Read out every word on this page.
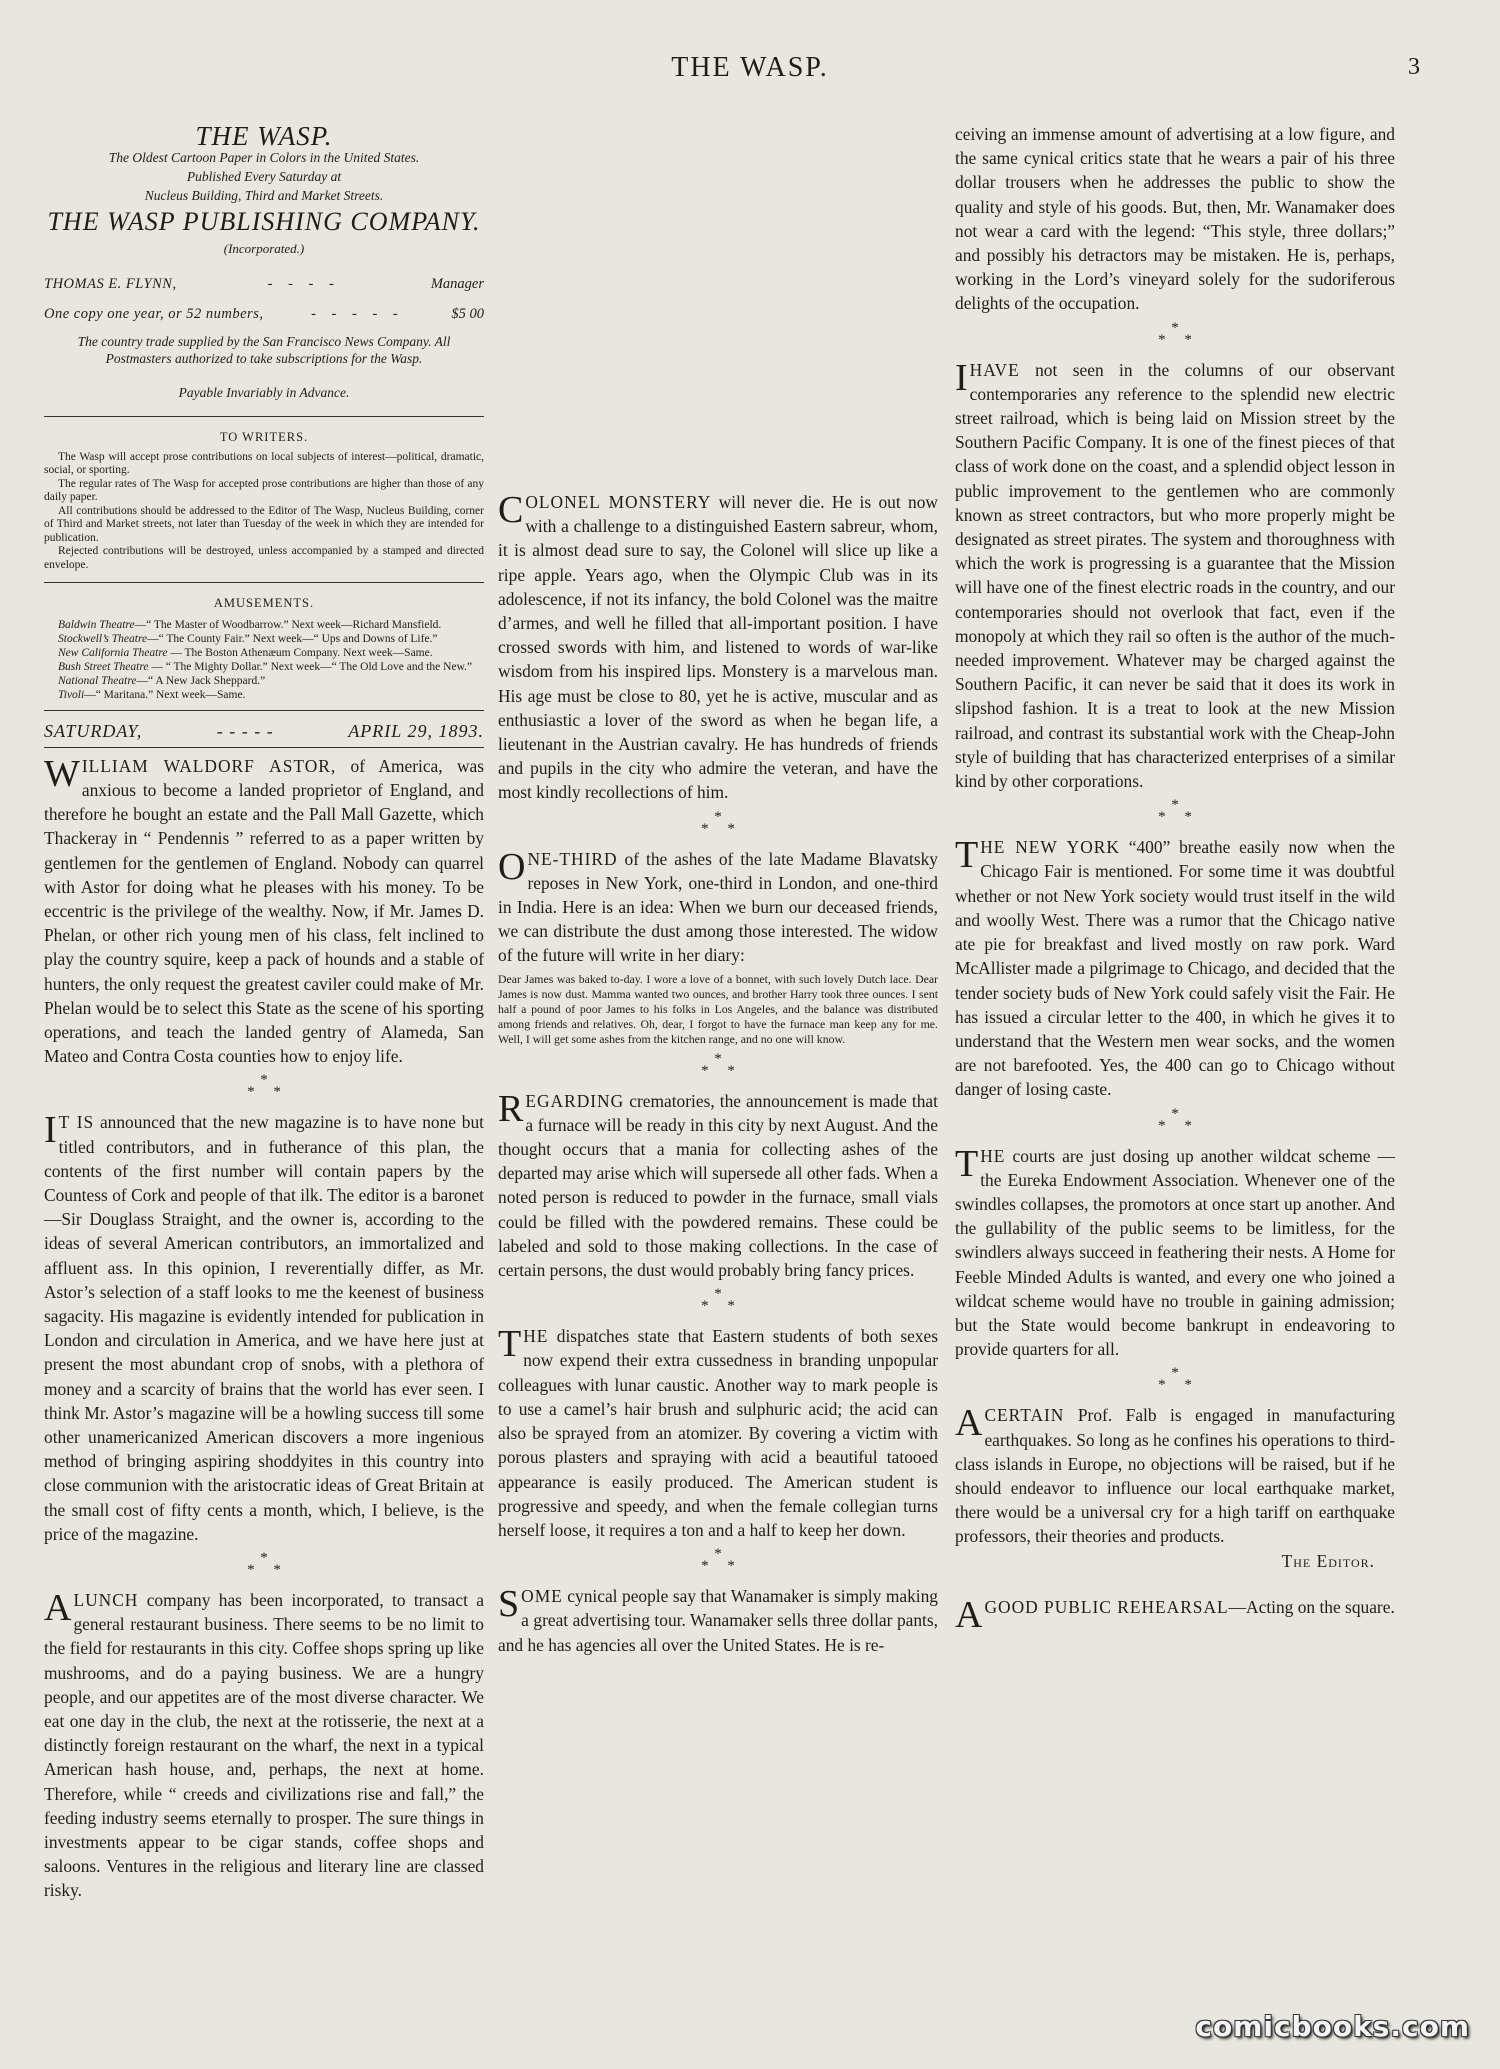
THE WASP.	3
THE WASP.
The Oldest Cartoon Paper in Colors in the United States.
Published Every Saturday at
Nucleus Building, Third and Market Streets.
THE WASP PUBLISHING COMPANY.
(Incorporated.)
THOMAS E. FLYNN,	- - - -	Manager
One copy one year, or 52 numbers,	- - - - -	$5 00
The country trade supplied by the San Francisco News Company. All Postmasters authorized to take subscriptions for the Wasp.
Payable Invariably in Advance.
TO WRITERS.

The Wasp will accept prose contributions on local subjects of interest—political, dramatic, social, or sporting.

The regular rates of The Wasp for accepted prose contributions are higher than those of any daily paper.

All contributions should be addressed to the Editor of The Wasp, Nucleus Building, corner of Third and Market streets, not later than Tuesday of the week in which they are intended for publication.

Rejected contributions will be destroyed, unless accompanied by a stamped and directed envelope.

AMUSEMENTS.

Baldwin Theatre—“ The Master of Woodbarrow.” Next week—Richard Mansfield.

Stockwell’s Theatre—“ The County Fair.” Next week—“ Ups and Downs of Life.”

New California Theatre — The Boston Athenæum Company. Next week—Same.

Bush Street Theatre — “ The Mighty Dollar.” Next week—“ The Old Love and the New.”

National Theatre—“ A New Jack Sheppard.”

Tivoli—“ Maritana.” Next week—Same.

SATURDAY,	- - - - -	APRIL 29, 1893.
WILLIAM WALDORF ASTOR, of America, was anxious to become a landed proprietor of England, and therefore he bought an estate and the Pall Mall Gazette, which Thackeray in “ Pendennis ” referred to as a paper written by gentlemen for the gentlemen of England. Nobody can quarrel with Astor for doing what he pleases with his money. To be eccentric is the privilege of the wealthy. Now, if Mr. James D. Phelan, or other rich young men of his class, felt inclined to play the country squire, keep a pack of hounds and a stable of hunters, the only request the greatest caviler could make of Mr. Phelan would be to select this State as the scene of his sporting operations, and teach the landed gentry of Alameda, San Mateo and Contra Costa counties how to enjoy life.
*
* *
I T IS announced that the new magazine is to have none but titled contributors, and in futherance of this plan, the contents of the first number will contain papers by the Countess of Cork and people of that ilk. The editor is a baronet—Sir Douglass Straight, and the owner is, according to the ideas of several American contributors, an immortalized and affluent ass. In this opinion, I reverentially differ, as Mr. Astor’s selection of a staff looks to me the keenest of business sagacity. His magazine is evidently intended for publication in London and circulation in America, and we have here just at present the most abundant crop of snobs, with a plethora of money and a scarcity of brains that the world has ever seen. I think Mr. Astor’s magazine will be a howling success till some other unamericanized American discovers a more ingenious method of bringing aspiring shoddyites in this country into close communion with the aristocratic ideas of Great Britain at the small cost of fifty cents a month, which, I believe, is the price of the magazine.
*
* *
A LUNCH company has been incorporated, to transact a general restaurant business. There seems to be no limit to the field for restaurants in this city. Coffee shops spring up like mushrooms, and do a paying business. We are a hungry people, and our appetites are of the most diverse character. We eat one day in the club, the next at the rotisserie, the next at a distinctly foreign restaurant on the wharf, the next in a typical American hash house, and, perhaps, the next at home. Therefore, while “ creeds and civilizations rise and fall,” the feeding industry seems eternally to prosper. The sure things in investments appear to be cigar stands, coffee shops and saloons. Ventures in the religious and literary line are classed risky.
ceiving an immense amount of advertising at a low figure, and the same cynical critics state that he wears a pair of his three dollar trousers when he addresses the public to show the quality and style of his goods. But, then, Mr. Wanamaker does not wear a card with the legend: “This style, three dollars;” and possibly his detractors may be mistaken. He is, perhaps, working in the Lord’s vineyard solely for the sudoriferous delights of the occupation.
*
* *
I HAVE not seen in the columns of our observant contemporaries any reference to the splendid new electric street railroad, which is being laid on Mission street by the Southern Pacific Company. It is one of the finest pieces of that class of work done on the coast, and a splendid object lesson in public improvement to the gentlemen who are commonly known as street contractors, but who more properly might be designated as street pirates. The system and thoroughness with which the work is progressing is a guarantee that the Mission will have one of the finest electric roads in the country, and our contemporaries should not overlook that fact, even if the monopoly at which they rail so often is the author of the much-needed improvement. Whatever may be charged against the Southern Pacific, it can never be said that it does its work in slipshod fashion. It is a treat to look at the new Mission railroad, and contrast its substantial work with the Cheap-John style of building that has characterized enterprises of a similar kind by other corporations.
*
* *
THE NEW YORK “400” breathe easily now when the Chicago Fair is mentioned. For some time it was doubtful whether or not New York society would trust itself in the wild and woolly West. There was a rumor that the Chicago native ate pie for breakfast and lived mostly on raw pork. Ward McAllister made a pilgrimage to Chicago, and decided that the tender society buds of New York could safely visit the Fair. He has issued a circular letter to the 400, in which he gives it to understand that the Western men wear socks, and the women are not barefooted. Yes, the 400 can go to Chicago without danger of losing caste.
*
* *
THE courts are just dosing up another wildcat scheme — the Eureka Endowment Association. Whenever one of the swindles collapses, the promotors at once start up another. And the gullability of the public seems to be limitless, for the swindlers always succeed in feathering their nests. A Home for Feeble Minded Adults is wanted, and every one who joined a wildcat scheme would have no trouble in gaining admission; but the State would become bankrupt in endeavoring to provide quarters for all.
*
* *
A CERTAIN Prof. Falb is engaged in manufacturing earthquakes. So long as he confines his operations to third-class islands in Europe, no objections will be raised, but if he should endeavor to influence our local earthquake market, there would be a universal cry for a high tariff on earthquake professors, their theories and products.
The Editor.
A GOOD PUBLIC REHEARSAL—Acting on the square.
COLONEL MONSTERY will never die. He is out now with a challenge to a distinguished Eastern sabreur, whom, it is almost dead sure to say, the Colonel will slice up like a ripe apple. Years ago, when the Olympic Club was in its adolescence, if not its infancy, the bold Colonel was the maitre d’armes, and well he filled that all-important position. I have crossed swords with him, and listened to words of war-like wisdom from his inspired lips. Monstery is a marvelous man. His age must be close to 80, yet he is active, muscular and as enthusiastic a lover of the sword as when he began life, a lieutenant in the Austrian cavalry. He has hundreds of friends and pupils in the city who admire the veteran, and have the most kindly recollections of him.
*
* *
ONE-THIRD of the ashes of the late Madame Blavatsky reposes in New York, one-third in London, and one-third in India. Here is an idea: When we burn our deceased friends, we can distribute the dust among those interested. The widow of the future will write in her diary:

Dear James was baked to-day. I wore a love of a bonnet, with such lovely Dutch lace. Dear James is now dust. Mamma wanted two ounces, and brother Harry took three ounces. I sent half a pound of poor James to his folks in Los Angeles, and the balance was distributed among friends and relatives. Oh, dear, I forgot to have the furnace man keep any for me. Well, I will get some ashes from the kitchen range, and no one will know.

*
* *
REGARDING crematories, the announcement is made that a furnace will be ready in this city by next August. And the thought occurs that a mania for collecting ashes of the departed may arise which will supersede all other fads. When a noted person is reduced to powder in the furnace, small vials could be filled with the powdered remains. These could be labeled and sold to those making collections. In the case of certain persons, the dust would probably bring fancy prices.
*
* *
THE dispatches state that Eastern students of both sexes now expend their extra cussedness in branding unpopular colleagues with lunar caustic. Another way to mark people is to use a camel’s hair brush and sulphuric acid; the acid can also be sprayed from an atomizer. By covering a victim with porous plasters and spraying with acid a beautiful tatooed appearance is easily produced. The American student is progressive and speedy, and when the female collegian turns herself loose, it requires a ton and a half to keep her down.
*
* *
SOME cynical people say that Wanamaker is simply making a great advertising tour. Wanamaker sells three dollar pants, and he has agencies all over the United States. He is re-
comicbooks.com
